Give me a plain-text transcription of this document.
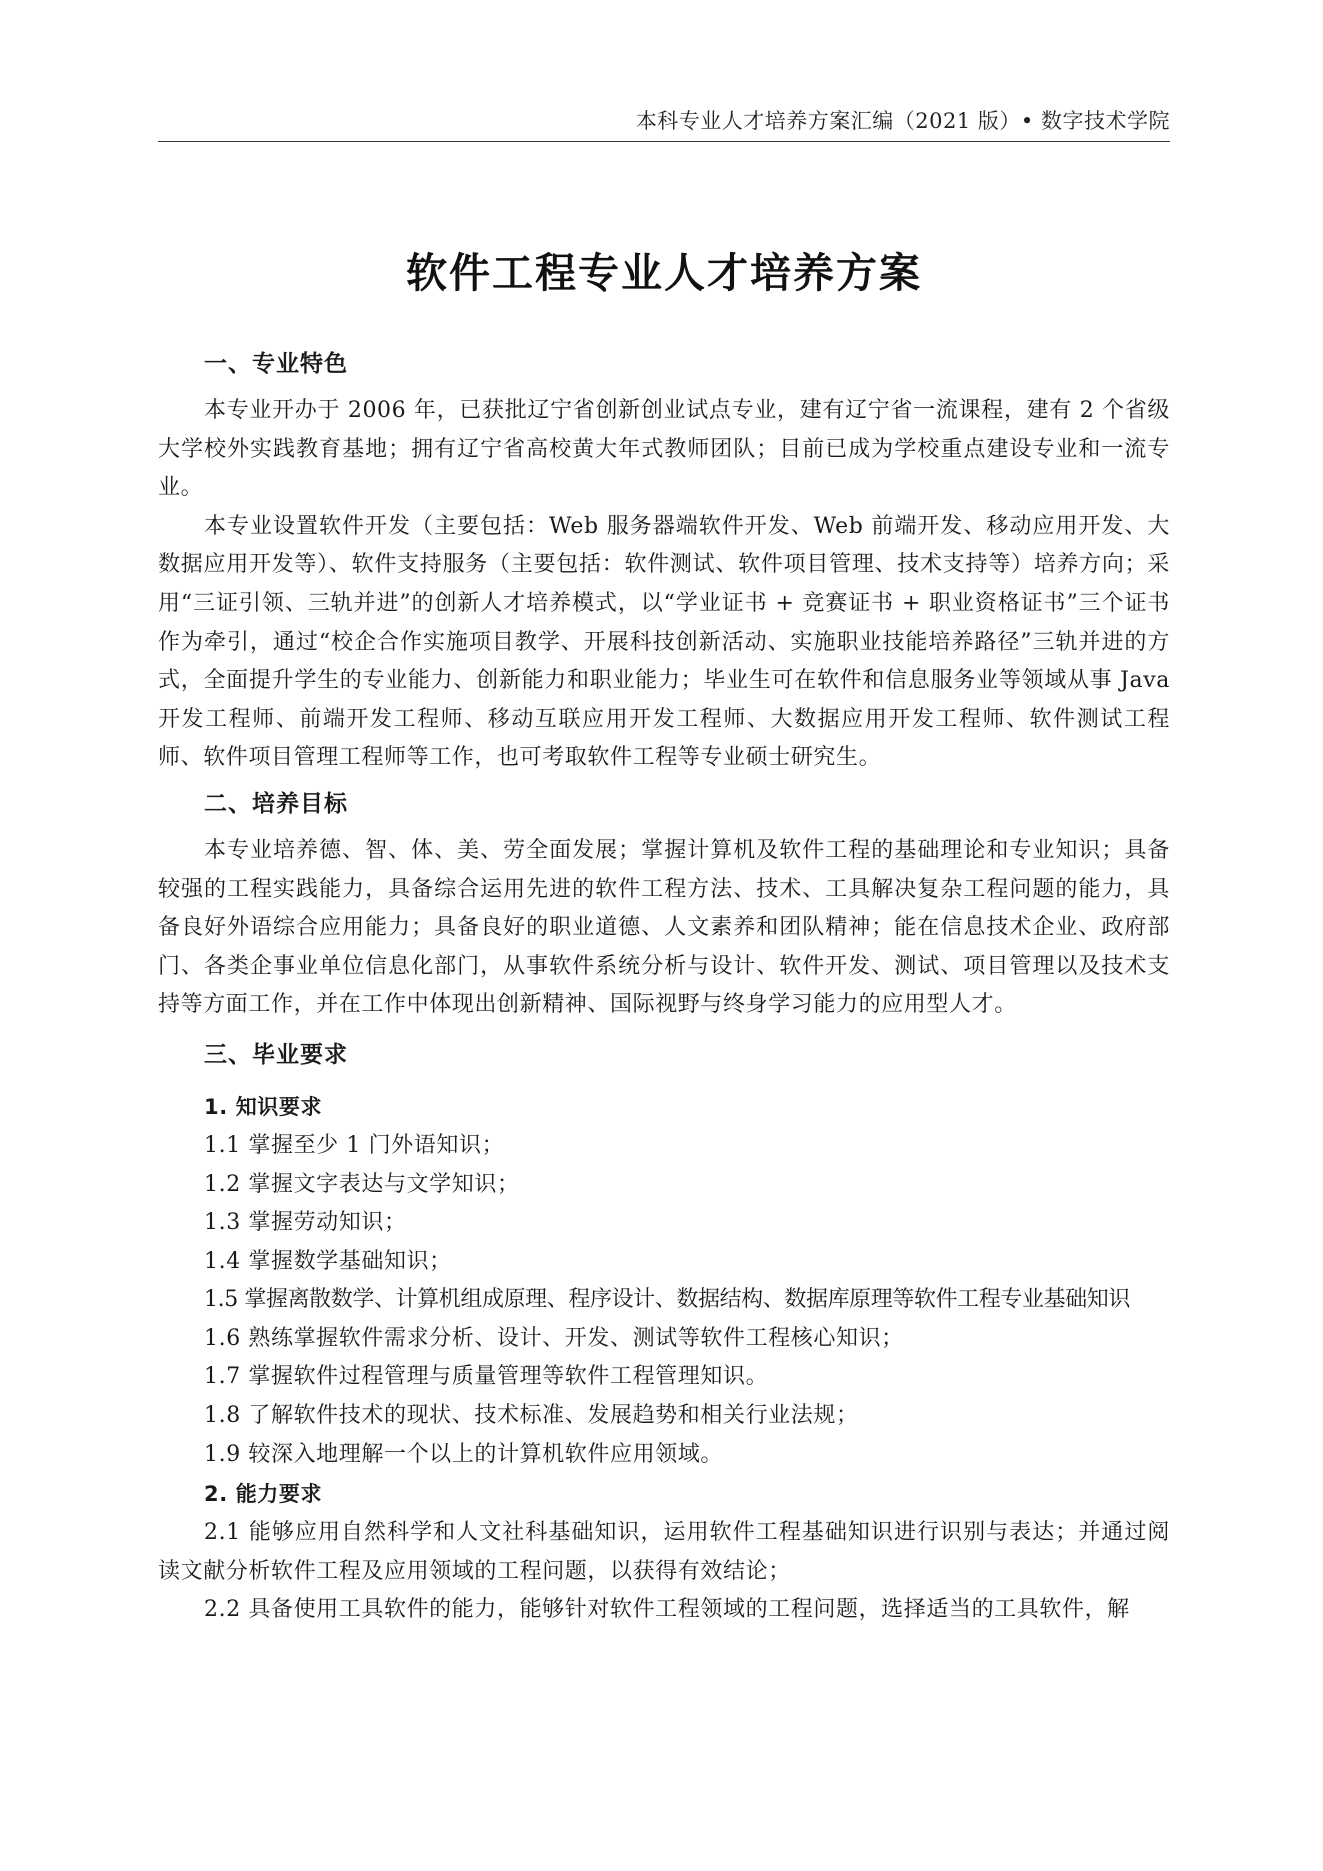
本科专业人才培养方案汇编（2021 版）• 数字技术学院
软件工程专业人才培养方案
一、专业特色

本专业开办于 2006 年，已获批辽宁省创新创业试点专业，建有辽宁省一流课程，建有 2 个省级大学校外实践教育基地；拥有辽宁省高校黄大年式教师团队；目前已成为学校重点建设专业和一流专业。

本专业设置软件开发（主要包括：Web 服务器端软件开发、Web 前端开发、移动应用开发、大数据应用开发等）、软件支持服务（主要包括：软件测试、软件项目管理、技术支持等）培养方向；采用“三证引领、三轨并进”的创新人才培养模式，以“学业证书 + 竞赛证书 + 职业资格证书”三个证书作为牵引，通过“校企合作实施项目教学、开展科技创新活动、实施职业技能培养路径”三轨并进的方式，全面提升学生的专业能力、创新能力和职业能力；毕业生可在软件和信息服务业等领域从事 Java 开发工程师、前端开发工程师、移动互联应用开发工程师、大数据应用开发工程师、软件测试工程师、软件项目管理工程师等工作，也可考取软件工程等专业硕士研究生。

二、培养目标

本专业培养德、智、体、美、劳全面发展；掌握计算机及软件工程的基础理论和专业知识；具备较强的工程实践能力，具备综合运用先进的软件工程方法、技术、工具解决复杂工程问题的能力，具备良好外语综合应用能力；具备良好的职业道德、人文素养和团队精神；能在信息技术企业、政府部门、各类企事业单位信息化部门，从事软件系统分析与设计、软件开发、测试、项目管理以及技术支持等方面工作，并在工作中体现出创新精神、国际视野与终身学习能力的应用型人才。

三、毕业要求
1. 知识要求
1.1 掌握至少 1 门外语知识；
1.2 掌握文字表达与文学知识；
1.3 掌握劳动知识；
1.4 掌握数学基础知识；
1.5 掌握离散数学、计算机组成原理、程序设计、数据结构、数据库原理等软件工程专业基础知识
1.6 熟练掌握软件需求分析、设计、开发、测试等软件工程核心知识；
1.7 掌握软件过程管理与质量管理等软件工程管理知识。
1.8 了解软件技术的现状、技术标准、发展趋势和相关行业法规；
1.9 较深入地理解一个以上的计算机软件应用领域。
2. 能力要求

2.1 能够应用自然科学和人文社科基础知识，运用软件工程基础知识进行识别与表达；并通过阅读文献分析软件工程及应用领域的工程问题，以获得有效结论；

2.2 具备使用工具软件的能力，能够针对软件工程领域的工程问题，选择适当的工具软件，解
